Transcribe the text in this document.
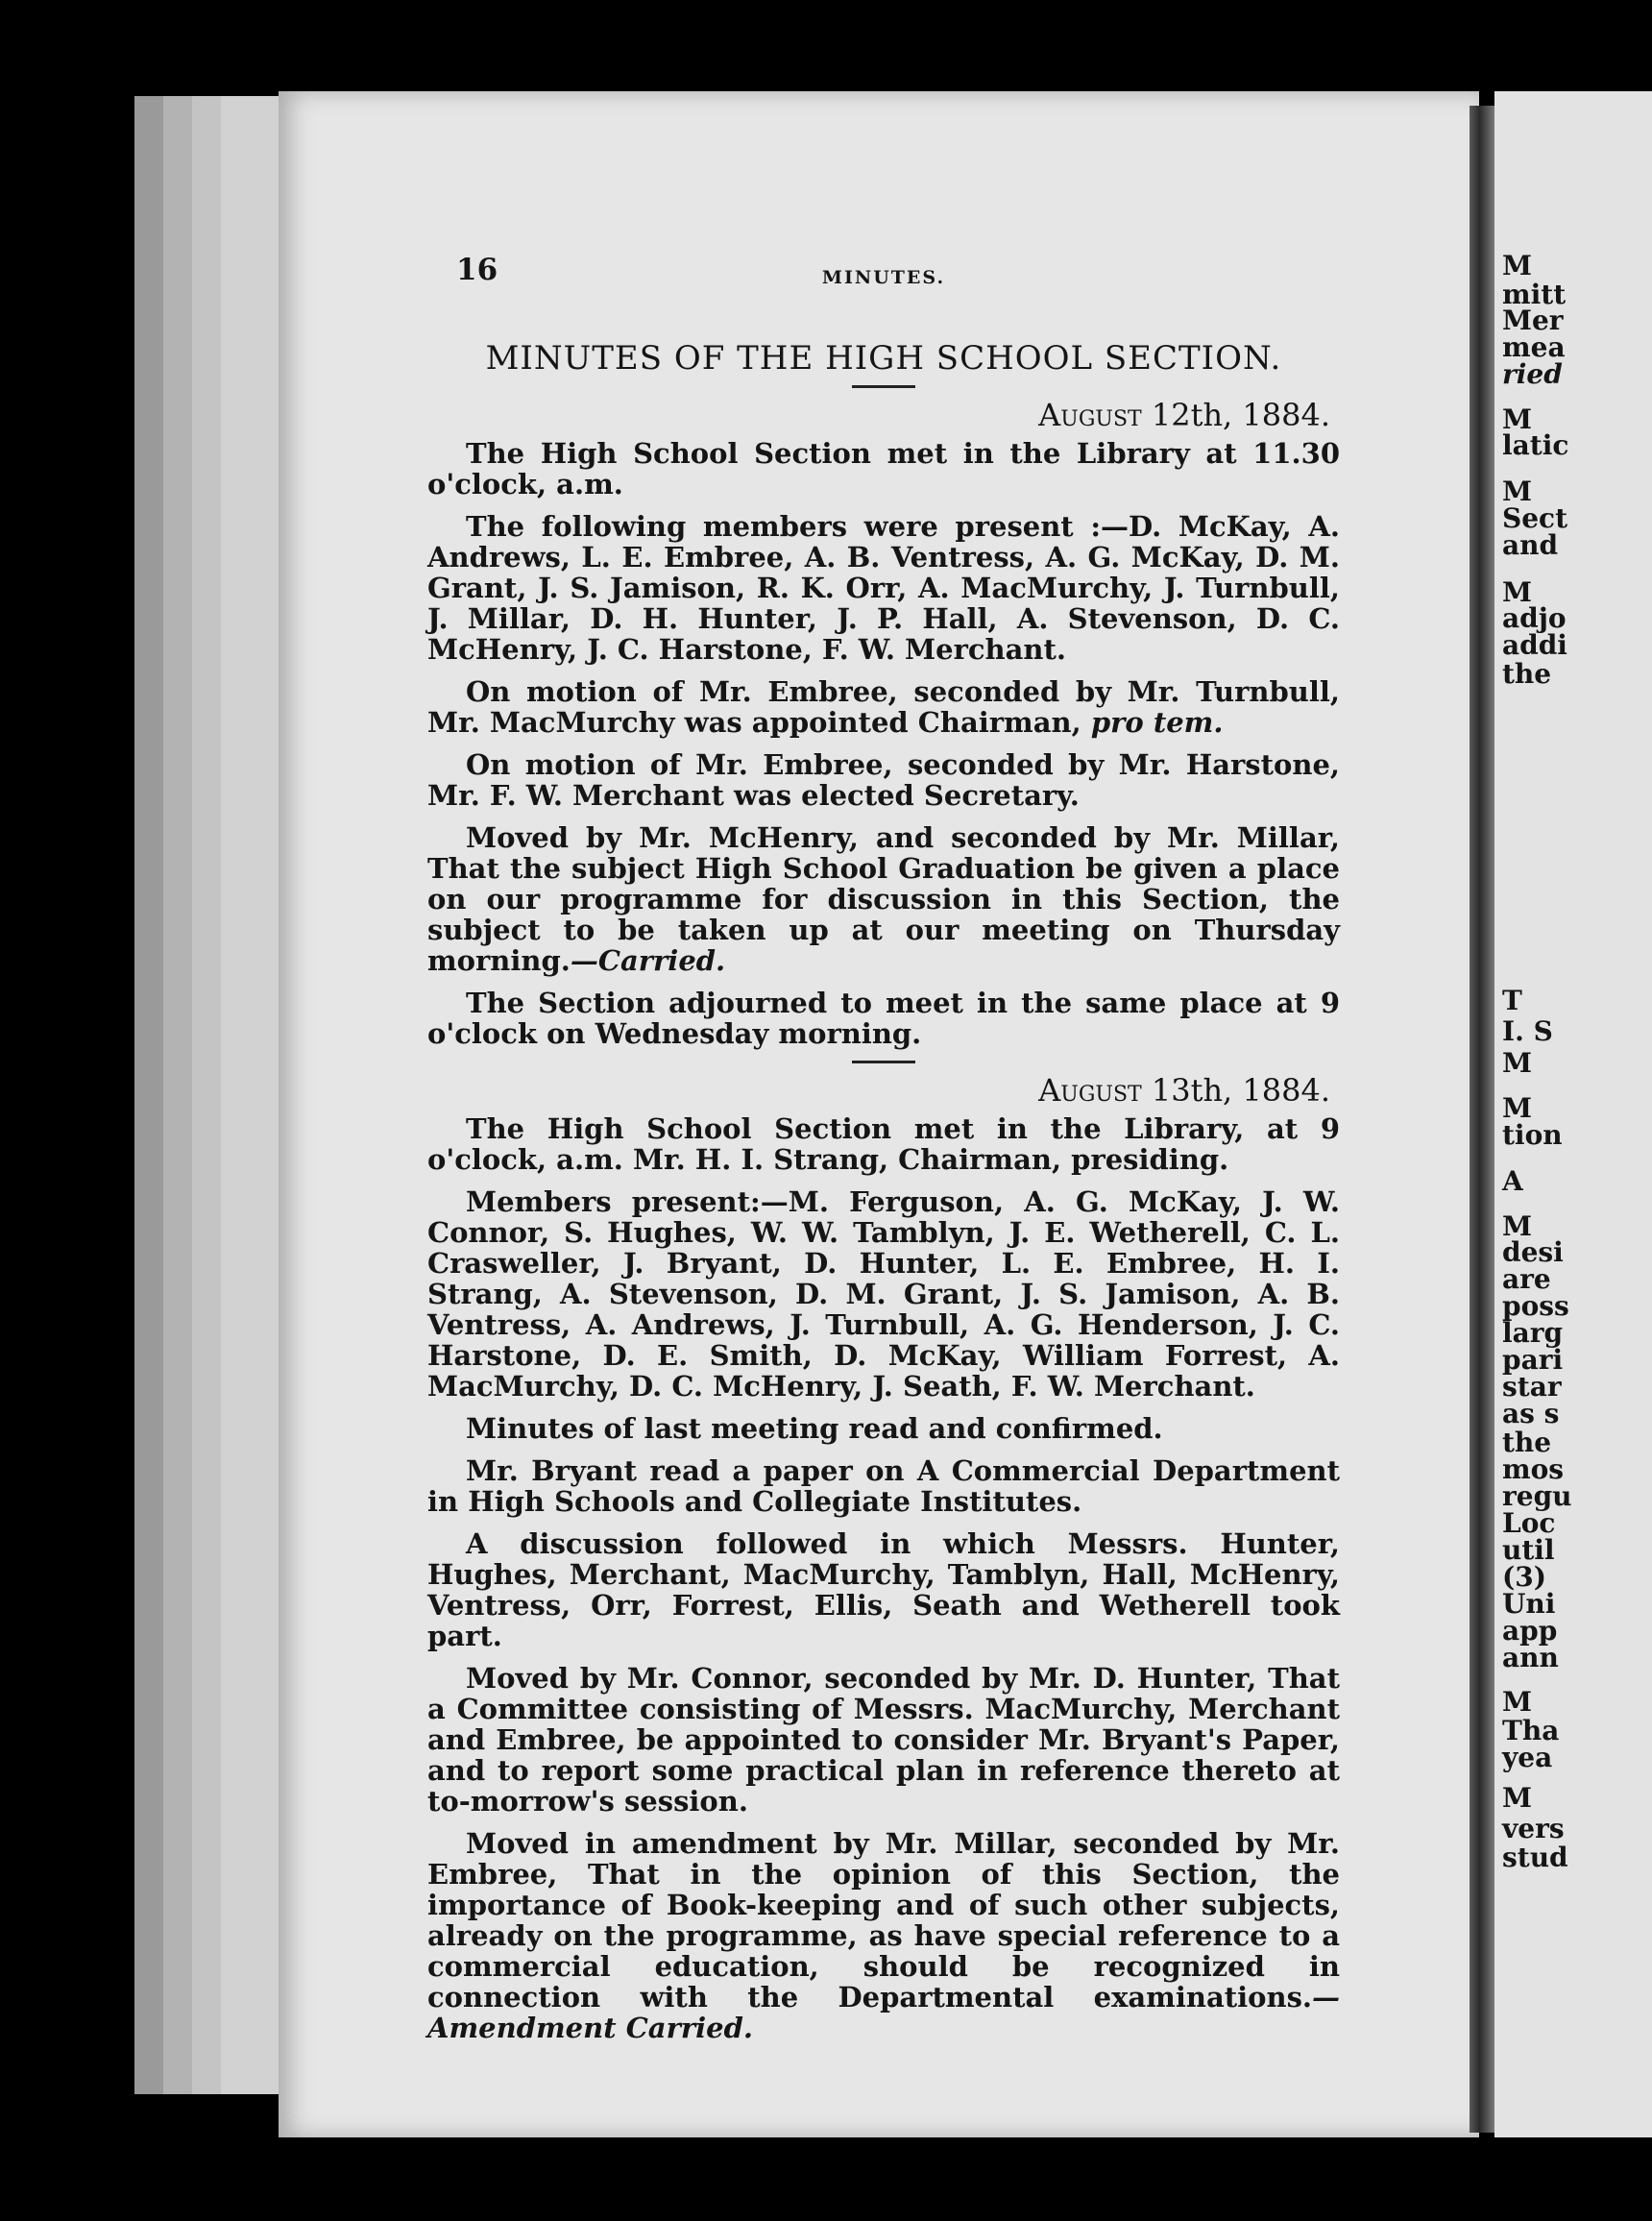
M
mitt
Mer
mea
ried
M
latic
M
Sect
and
M
adjo
addi
the
T
I. S
M
M
tion
A
M
desi
are
poss
larg
pari
star
as s
the
mos
regu
Loc
util
(3)
Uni
app
ann
M
Tha
yea
M
vers
stud
16	MINUTES.
MINUTES OF THE HIGH SCHOOL SECTION.
August 12th, 1884.

The High School Section met in the Library at 11.30 o'clock, a.m.

The following members were present :—D. McKay, A. Andrews, L. E. Embree, A. B. Ventress, A. G. McKay, D. M. Grant, J. S. Jamison, R. K. Orr, A. MacMurchy, J. Turnbull, J. Millar, D. H. Hunter, J. P. Hall, A. Stevenson, D. C. McHenry, J. C. Harstone, F. W. Merchant.

On motion of Mr. Embree, seconded by Mr. Turnbull, Mr. MacMurchy was appointed Chairman, pro tem.

On motion of Mr. Embree, seconded by Mr. Harstone, Mr. F. W. Merchant was elected Secretary.

Moved by Mr. McHenry, and seconded by Mr. Millar, That the subject High School Graduation be given a place on our programme for discussion in this Section, the subject to be taken up at our meeting on Thursday morning.—Carried.

The Section adjourned to meet in the same place at 9 o'clock on Wednesday morning.

August 13th, 1884.

The High School Section met in the Library, at 9 o'clock, a.m. Mr. H. I. Strang, Chairman, presiding.

Members present:—M. Ferguson, A. G. McKay, J. W. Connor, S. Hughes, W. W. Tamblyn, J. E. Wetherell, C. L. Crasweller, J. Bryant, D. Hunter, L. E. Embree, H. I. Strang, A. Stevenson, D. M. Grant, J. S. Jamison, A. B. Ventress, A. Andrews, J. Turnbull, A. G. Henderson, J. C. Harstone, D. E. Smith, D. McKay, William Forrest, A. MacMurchy, D. C. McHenry, J. Seath, F. W. Merchant.

Minutes of last meeting read and confirmed.

Mr. Bryant read a paper on A Commercial Department in High Schools and Collegiate Institutes.

A discussion followed in which Messrs. Hunter, Hughes, Merchant, MacMurchy, Tamblyn, Hall, McHenry, Ventress, Orr, Forrest, Ellis, Seath and Wetherell took part.

Moved by Mr. Connor, seconded by Mr. D. Hunter, That a Committee consisting of Messrs. MacMurchy, Merchant and Embree, be appointed to consider Mr. Bryant's Paper, and to report some practical plan in reference thereto at to-morrow's session.

Moved in amendment by Mr. Millar, seconded by Mr. Embree, That in the opinion of this Section, the importance of Book-keeping and of such other subjects, already on the programme, as have special reference to a commercial education, should be recognized in connection with the Departmental examinations.—Amendment Carried.
